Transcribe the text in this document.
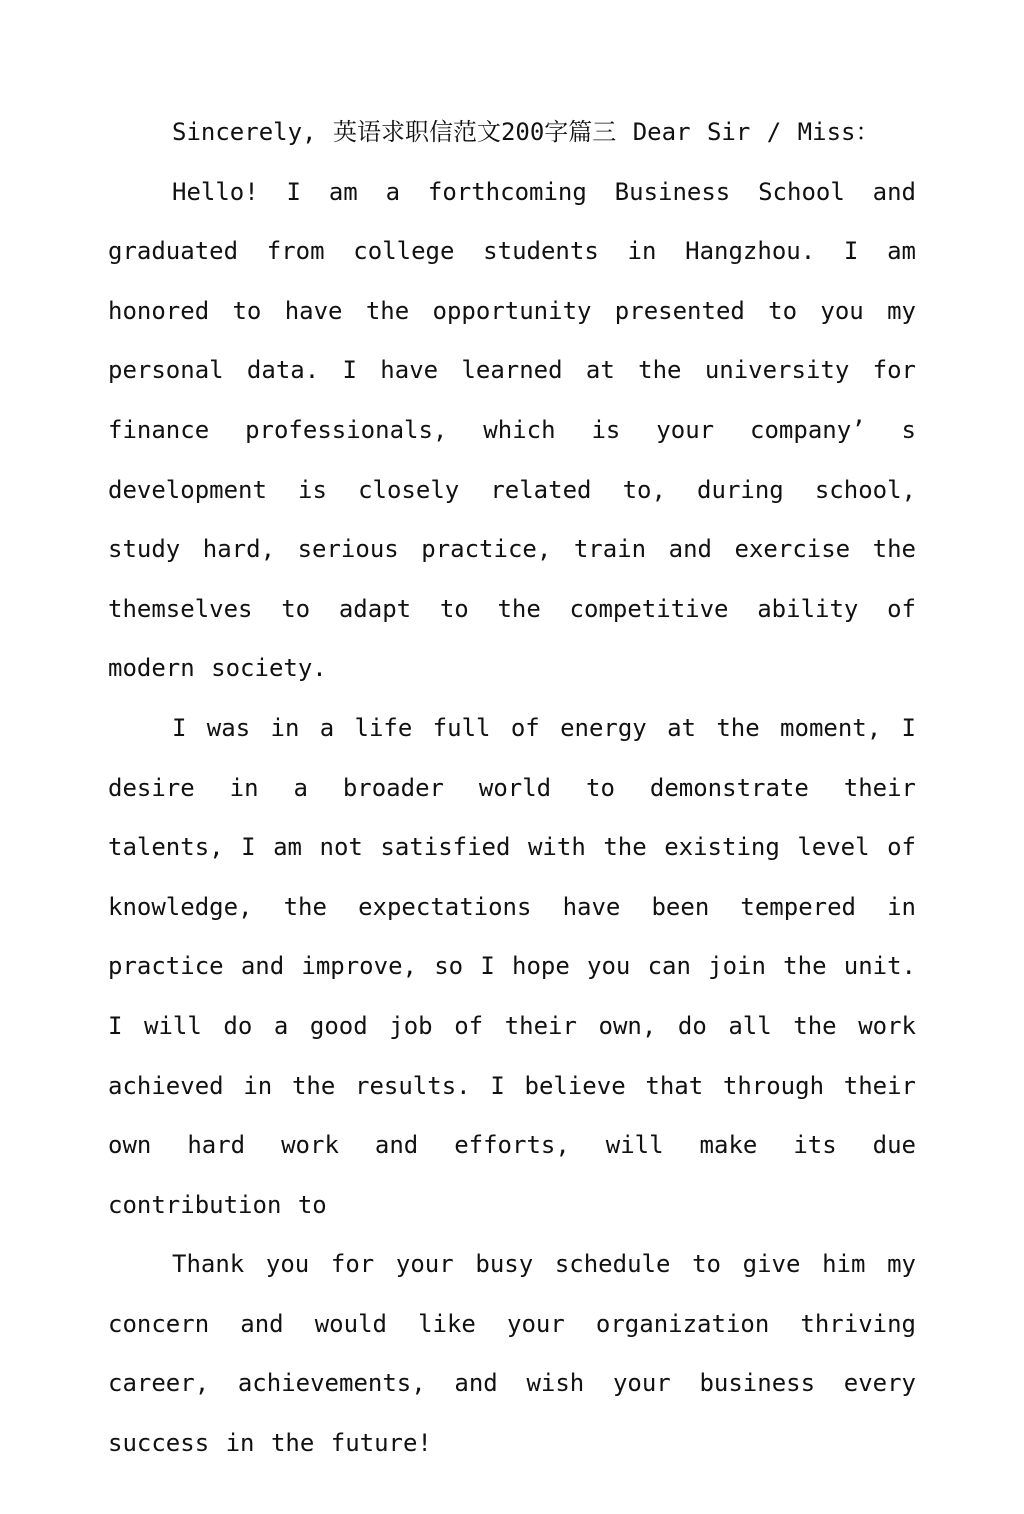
Sincerely, 英语求职信范文200字篇三 Dear Sir / Miss：

Hello! I am a forthcoming Business School and graduated from college students in Hangzhou. I am honored to have the opportunity presented to you my personal data. I have learned at the university for finance professionals, which is your company’ s development is closely related to, during school, study hard, serious practice, train and exercise the themselves to adapt to the competitive ability of modern society.

I was in a life full of energy at the moment, I desire in a broader world to demonstrate their talents, I am not satisfied with the existing level of knowledge, the expectations have been tempered in practice and improve, so I hope you can join the unit. I will do a good job of their own, do all the work achieved in the results. I believe that through their own hard work and efforts, will make its due contribution to

Thank you for your busy schedule to give him my concern and would like your organization thriving career, achievements, and wish your business every success in the future!
